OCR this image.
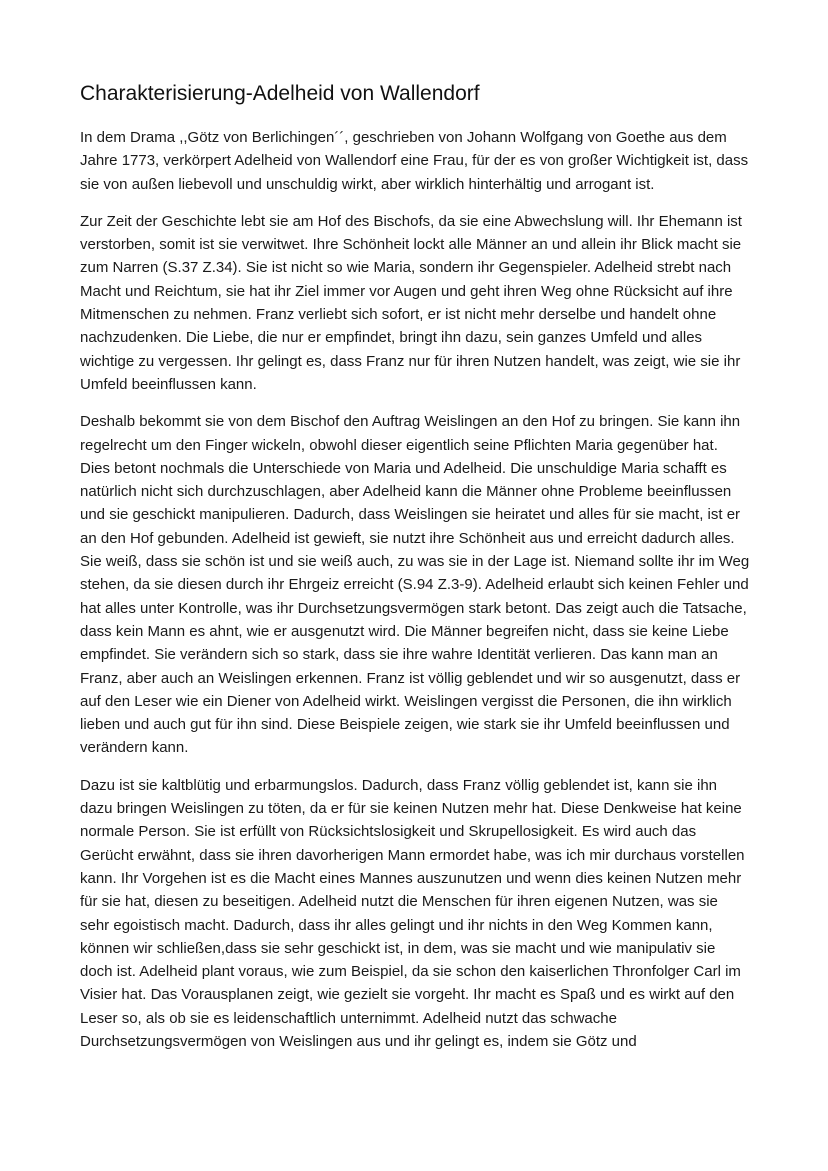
Charakterisierung-Adelheid von Wallendorf

In dem Drama ,,Götz von Berlichingen´´, geschrieben von Johann Wolfgang von Goethe aus dem Jahre 1773, verkörpert Adelheid von Wallendorf eine Frau, für der es von großer Wichtigkeit ist, dass sie von außen liebevoll und unschuldig wirkt, aber wirklich hinterhältig und arrogant ist.

Zur Zeit der Geschichte lebt sie am Hof des Bischofs, da sie eine Abwechslung will. Ihr Ehemann ist verstorben, somit ist sie verwitwet. Ihre Schönheit lockt alle Männer an und allein ihr Blick macht sie zum Narren (S.37 Z.34). Sie ist nicht so wie Maria, sondern ihr Gegenspieler. Adelheid strebt nach Macht und Reichtum, sie hat ihr Ziel immer vor Augen und geht ihren Weg ohne Rücksicht auf ihre Mitmenschen zu nehmen. Franz verliebt sich sofort, er ist nicht mehr derselbe und handelt ohne nachzudenken. Die Liebe, die nur er empfindet, bringt ihn dazu, sein ganzes Umfeld und alles wichtige zu vergessen. Ihr gelingt es, dass Franz nur für ihren Nutzen handelt, was zeigt, wie sie ihr Umfeld beeinflussen kann.

Deshalb bekommt sie von dem Bischof den Auftrag Weislingen an den Hof zu bringen. Sie kann ihn regelrecht um den Finger wickeln, obwohl dieser eigentlich seine Pflichten Maria gegenüber hat. Dies betont nochmals die Unterschiede von Maria und Adelheid. Die unschuldige Maria schafft es natürlich nicht sich durchzuschlagen, aber Adelheid kann die Männer ohne Probleme beeinflussen und sie geschickt manipulieren. Dadurch, dass Weislingen sie heiratet und alles für sie macht, ist er an den Hof gebunden. Adelheid ist gewieft, sie nutzt ihre Schönheit aus und erreicht dadurch alles. Sie weiß, dass sie schön ist und sie weiß auch, zu was sie in der Lage ist. Niemand sollte ihr im Weg stehen, da sie diesen durch ihr Ehrgeiz erreicht (S.94 Z.3-9). Adelheid erlaubt sich keinen Fehler und hat alles unter Kontrolle, was ihr Durchsetzungsvermögen stark betont. Das zeigt auch die Tatsache, dass kein Mann es ahnt, wie er ausgenutzt wird. Die Männer begreifen nicht, dass sie keine Liebe empfindet. Sie verändern sich so stark, dass sie ihre wahre Identität verlieren. Das kann man an Franz, aber auch an Weislingen erkennen. Franz ist völlig geblendet und wir so ausgenutzt, dass er auf den Leser wie ein Diener von Adelheid wirkt. Weislingen vergisst die Personen, die ihn wirklich lieben und auch gut für ihn sind. Diese Beispiele zeigen, wie stark sie ihr Umfeld beeinflussen und verändern kann.

Dazu ist sie kaltblütig und erbarmungslos. Dadurch, dass Franz völlig geblendet ist, kann sie ihn dazu bringen Weislingen zu töten, da er für sie keinen Nutzen mehr hat. Diese Denkweise hat keine normale Person. Sie ist erfüllt von Rücksichtslosigkeit und Skrupellosigkeit. Es wird auch das Gerücht erwähnt, dass sie ihren davorherigen Mann ermordet habe, was ich mir durchaus vorstellen kann. Ihr Vorgehen ist es die Macht eines Mannes auszunutzen und wenn dies keinen Nutzen mehr für sie hat, diesen zu beseitigen. Adelheid nutzt die Menschen für ihren eigenen Nutzen, was sie sehr egoistisch macht. Dadurch, dass ihr alles gelingt und ihr nichts in den Weg Kommen kann, können wir schließen,dass sie sehr geschickt ist, in dem, was sie macht und wie manipulativ sie doch ist. Adelheid plant voraus, wie zum Beispiel, da sie schon den kaiserlichen Thronfolger Carl im Visier hat. Das Vorausplanen zeigt, wie gezielt sie vorgeht. Ihr macht es Spaß und es wirkt auf den Leser so, als ob sie es leidenschaftlich unternimmt. Adelheid nutzt das schwache Durchsetzungsvermögen von Weislingen aus und ihr gelingt es, indem sie Götz und
